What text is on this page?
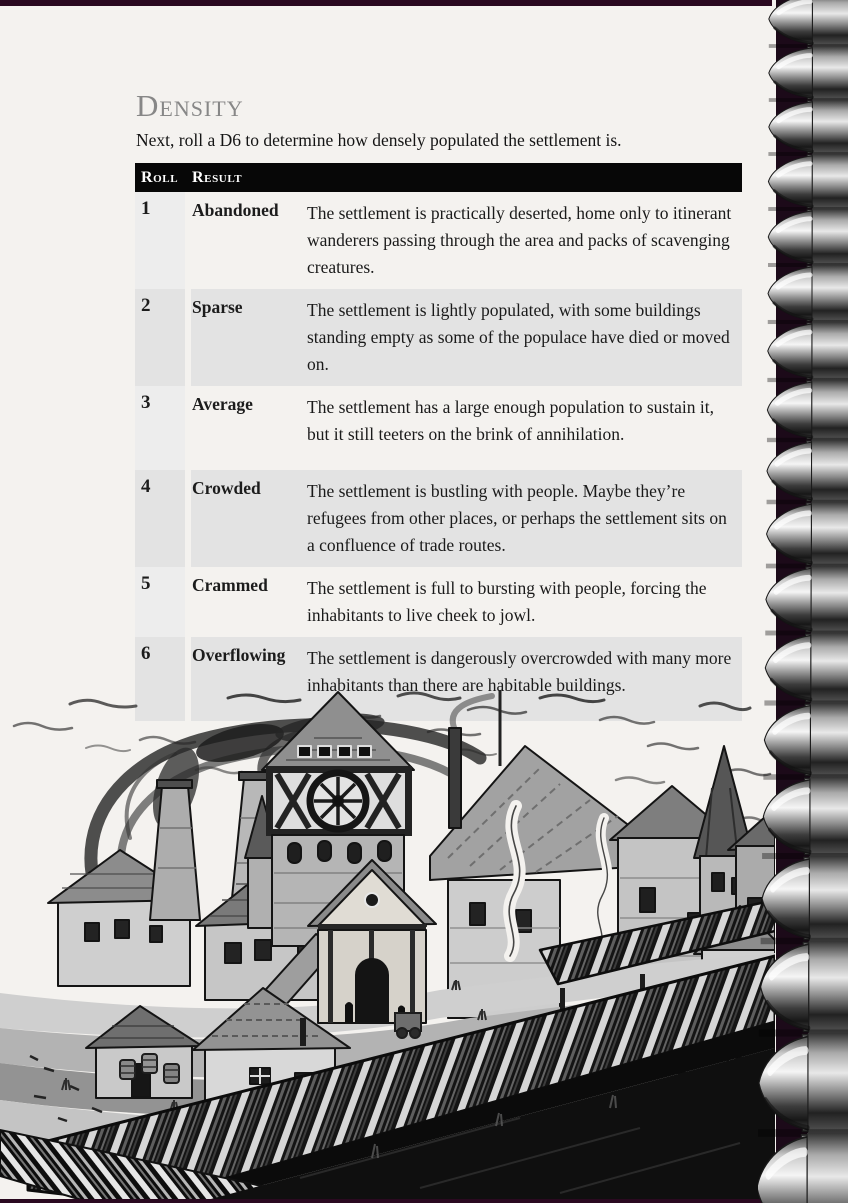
Density
Next, roll a D6 to determine how densely populated the settlement is.
Roll Result
1	Abandoned	The settlement is practically deserted, home only to itinerant wanderers passing through the area and packs of scavenging creatures.
2	Sparse	The settlement is lightly populated, with some buildings standing empty as some of the populace have died or moved on.
3	Average	The settlement has a large enough population to sustain it, but it still teeters on the brink of annihilation.
4	Crowded	The settlement is bustling with people. Maybe they’re refugees from other places, or perhaps the settlement sits on a confluence of trade routes.
5	Crammed	The settlement is full to bursting with people, forcing the inhabitants to live cheek to jowl.
6	Overflowing	The settlement is dangerously overcrowded with many more inhabitants than there are habitable buildings.
